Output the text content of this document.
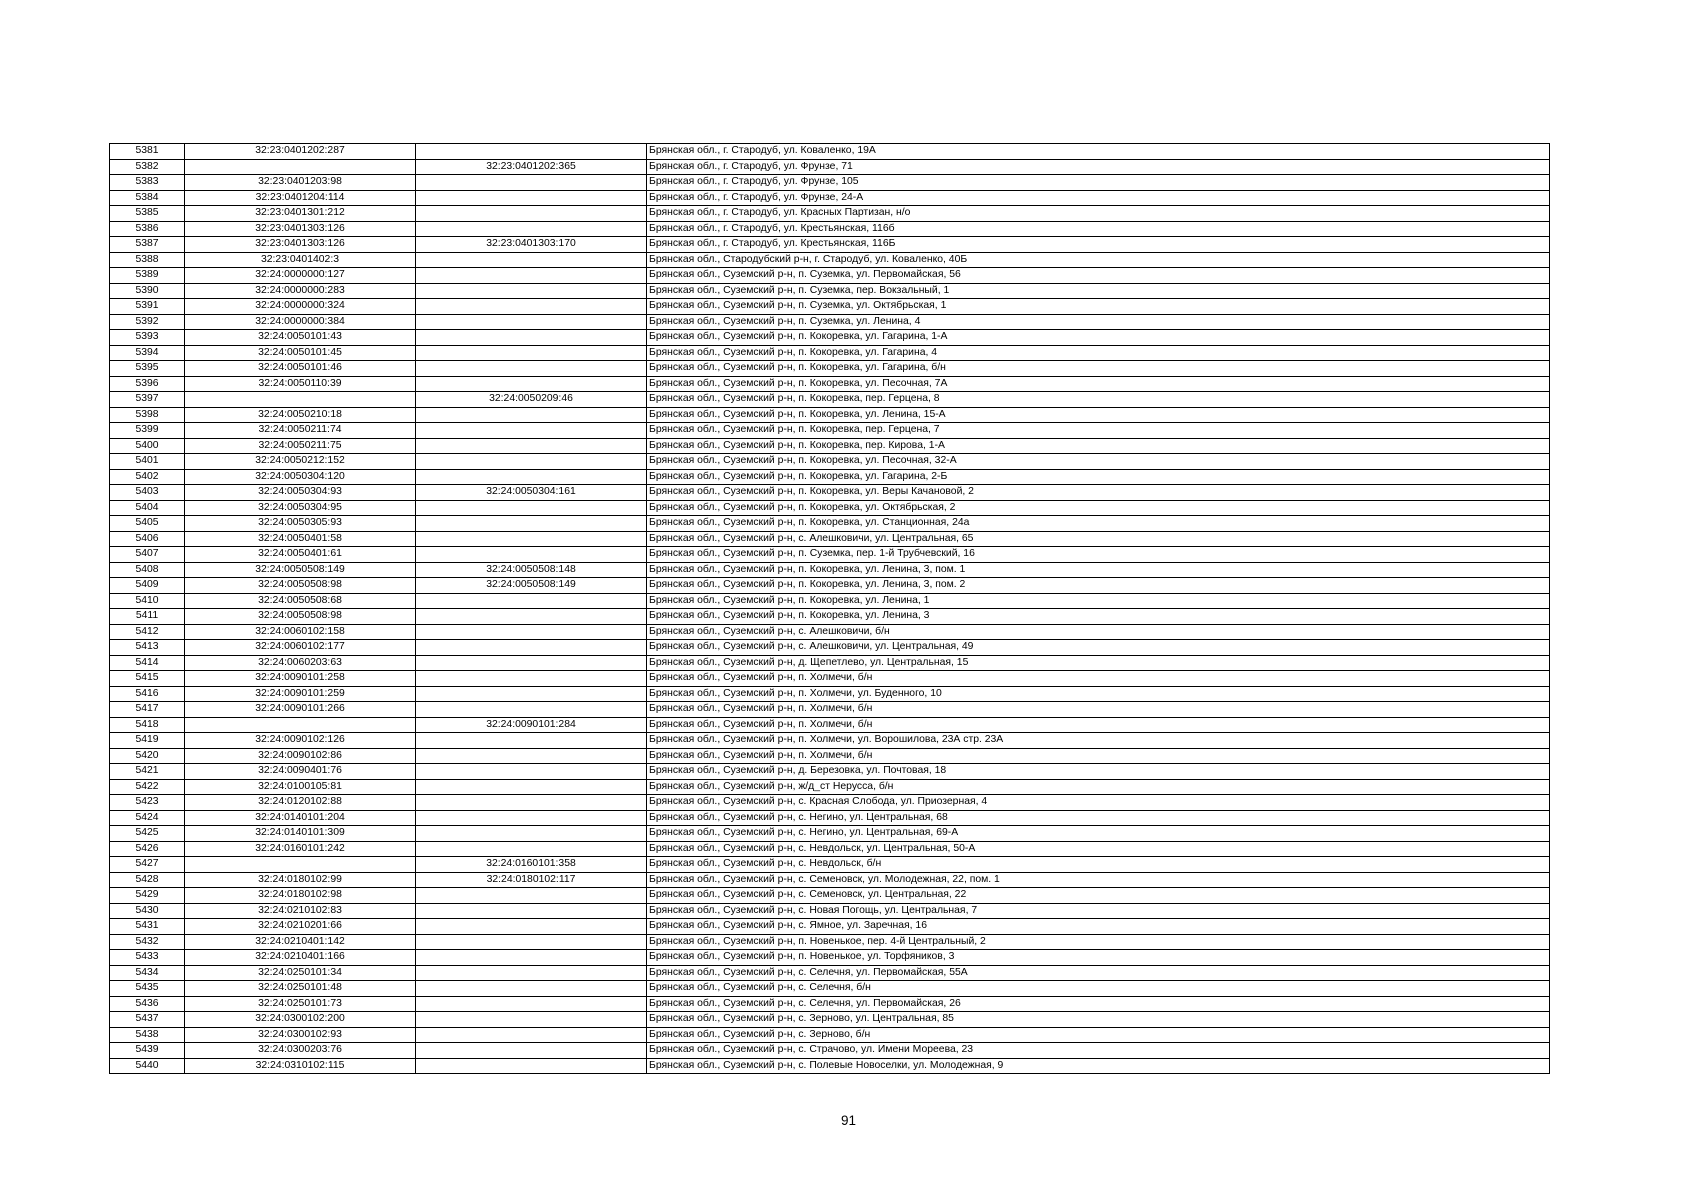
5381	32:23:0401202:287		Брянская обл., г. Стародуб, ул. Коваленко, 19А
5382		32:23:0401202:365	Брянская обл., г. Стародуб, ул. Фрунзе, 71
5383	32:23:0401203:98		Брянская обл., г. Стародуб, ул. Фрунзе, 105
5384	32:23:0401204:114		Брянская обл., г. Стародуб, ул. Фрунзе, 24-А
5385	32:23:0401301:212		Брянская обл., г. Стародуб, ул. Красных Партизан, н/о
5386	32:23:0401303:126		Брянская обл., г. Стародуб, ул. Крестьянская, 116б
5387	32:23:0401303:126	32:23:0401303:170	Брянская обл., г. Стародуб, ул. Крестьянская, 116Б
5388	32:23:0401402:3		Брянская обл., Стародубский р-н, г. Стародуб, ул. Коваленко, 40Б
5389	32:24:0000000:127		Брянская обл., Суземский р-н, п. Суземка, ул. Первомайская, 56
5390	32:24:0000000:283		Брянская обл., Суземский р-н, п. Суземка, пер. Вокзальный, 1
5391	32:24:0000000:324		Брянская обл., Суземский р-н, п. Суземка, ул. Октябрьская, 1
5392	32:24:0000000:384		Брянская обл., Суземский р-н, п. Суземка, ул. Ленина, 4
5393	32:24:0050101:43		Брянская обл., Суземский р-н, п. Кокоревка, ул. Гагарина, 1-А
5394	32:24:0050101:45		Брянская обл., Суземский р-н, п. Кокоревка, ул. Гагарина, 4
5395	32:24:0050101:46		Брянская обл., Суземский р-н, п. Кокоревка, ул. Гагарина, б/н
5396	32:24:0050110:39		Брянская обл., Суземский р-н, п. Кокоревка, ул. Песочная, 7А
5397		32:24:0050209:46	Брянская обл., Суземский р-н, п. Кокоревка, пер. Герцена, 8
5398	32:24:0050210:18		Брянская обл., Суземский р-н, п. Кокоревка, ул. Ленина, 15-А
5399	32:24:0050211:74		Брянская обл., Суземский р-н, п. Кокоревка, пер. Герцена, 7
5400	32:24:0050211:75		Брянская обл., Суземский р-н, п. Кокоревка, пер. Кирова, 1-А
5401	32:24:0050212:152		Брянская обл., Суземский р-н, п. Кокоревка, ул. Песочная, 32-А
5402	32:24:0050304:120		Брянская обл., Суземский р-н, п. Кокоревка, ул. Гагарина, 2-Б
5403	32:24:0050304:93	32:24:0050304:161	Брянская обл., Суземский р-н, п. Кокоревка, ул. Веры Качановой, 2
5404	32:24:0050304:95		Брянская обл., Суземский р-н, п. Кокоревка, ул. Октябрьская, 2
5405	32:24:0050305:93		Брянская обл., Суземский р-н, п. Кокоревка, ул. Станционная, 24а
5406	32:24:0050401:58		Брянская обл., Суземский р-н, с. Алешковичи, ул. Центральная, 65
5407	32:24:0050401:61		Брянская обл., Суземский р-н, п. Суземка, пер. 1-й Трубчевский, 16
5408	32:24:0050508:149	32:24:0050508:148	Брянская обл., Суземский р-н, п. Кокоревка, ул. Ленина, 3, пом. 1
5409	32:24:0050508:98	32:24:0050508:149	Брянская обл., Суземский р-н, п. Кокоревка, ул. Ленина, 3, пом. 2
5410	32:24:0050508:68		Брянская обл., Суземский р-н, п. Кокоревка, ул. Ленина, 1
5411	32:24:0050508:98		Брянская обл., Суземский р-н, п. Кокоревка, ул. Ленина, 3
5412	32:24:0060102:158		Брянская обл., Суземский р-н, с. Алешковичи, б/н
5413	32:24:0060102:177		Брянская обл., Суземский р-н, с. Алешковичи, ул. Центральная, 49
5414	32:24:0060203:63		Брянская обл., Суземский р-н, д. Щепетлево, ул. Центральная, 15
5415	32:24:0090101:258		Брянская обл., Суземский р-н, п. Холмечи, б/н
5416	32:24:0090101:259		Брянская обл., Суземский р-н, п. Холмечи, ул. Буденного, 10
5417	32:24:0090101:266		Брянская обл., Суземский р-н, п. Холмечи, б/н
5418		32:24:0090101:284	Брянская обл., Суземский р-н, п. Холмечи, б/н
5419	32:24:0090102:126		Брянская обл., Суземский р-н, п. Холмечи, ул. Ворошилова, 23А стр. 23А
5420	32:24:0090102:86		Брянская обл., Суземский р-н, п. Холмечи, б/н
5421	32:24:0090401:76		Брянская обл., Суземский р-н, д. Березовка, ул. Почтовая, 18
5422	32:24:0100105:81		Брянская обл., Суземский р-н, ж/д_ст Нерусса, б/н
5423	32:24:0120102:88		Брянская обл., Суземский р-н, с. Красная Слобода, ул. Приозерная, 4
5424	32:24:0140101:204		Брянская обл., Суземский р-н, с. Негино, ул. Центральная, 68
5425	32:24:0140101:309		Брянская обл., Суземский р-н, с. Негино, ул. Центральная, 69-А
5426	32:24:0160101:242		Брянская обл., Суземский р-н, с. Невдольск, ул. Центральная, 50-А
5427		32:24:0160101:358	Брянская обл., Суземский р-н, с. Невдольск, б/н
5428	32:24:0180102:99	32:24:0180102:117	Брянская обл., Суземский р-н, с. Семеновск, ул. Молодежная, 22, пом. 1
5429	32:24:0180102:98		Брянская обл., Суземский р-н, с. Семеновск, ул. Центральная, 22
5430	32:24:0210102:83		Брянская обл., Суземский р-н, с. Новая Погощь, ул. Центральная, 7
5431	32:24:0210201:66		Брянская обл., Суземский р-н, с. Ямное, ул. Заречная, 16
5432	32:24:0210401:142		Брянская обл., Суземский р-н, п. Новенькое, пер. 4-й Центральный, 2
5433	32:24:0210401:166		Брянская обл., Суземский р-н, п. Новенькое, ул. Торфяников, 3
5434	32:24:0250101:34		Брянская обл., Суземский р-н, с. Селечня, ул. Первомайская, 55А
5435	32:24:0250101:48		Брянская обл., Суземский р-н, с. Селечня, б/н
5436	32:24:0250101:73		Брянская обл., Суземский р-н, с. Селечня, ул. Первомайская, 26
5437	32:24:0300102:200		Брянская обл., Суземский р-н, с. Зерново, ул. Центральная, 85
5438	32:24:0300102:93		Брянская обл., Суземский р-н, с. Зерново, б/н
5439	32:24:0300203:76		Брянская обл., Суземский р-н, с. Страчово, ул. Имени Мореева, 23
5440	32:24:0310102:115		Брянская обл., Суземский р-н, с. Полевые Новоселки, ул. Молодежная, 9
91
